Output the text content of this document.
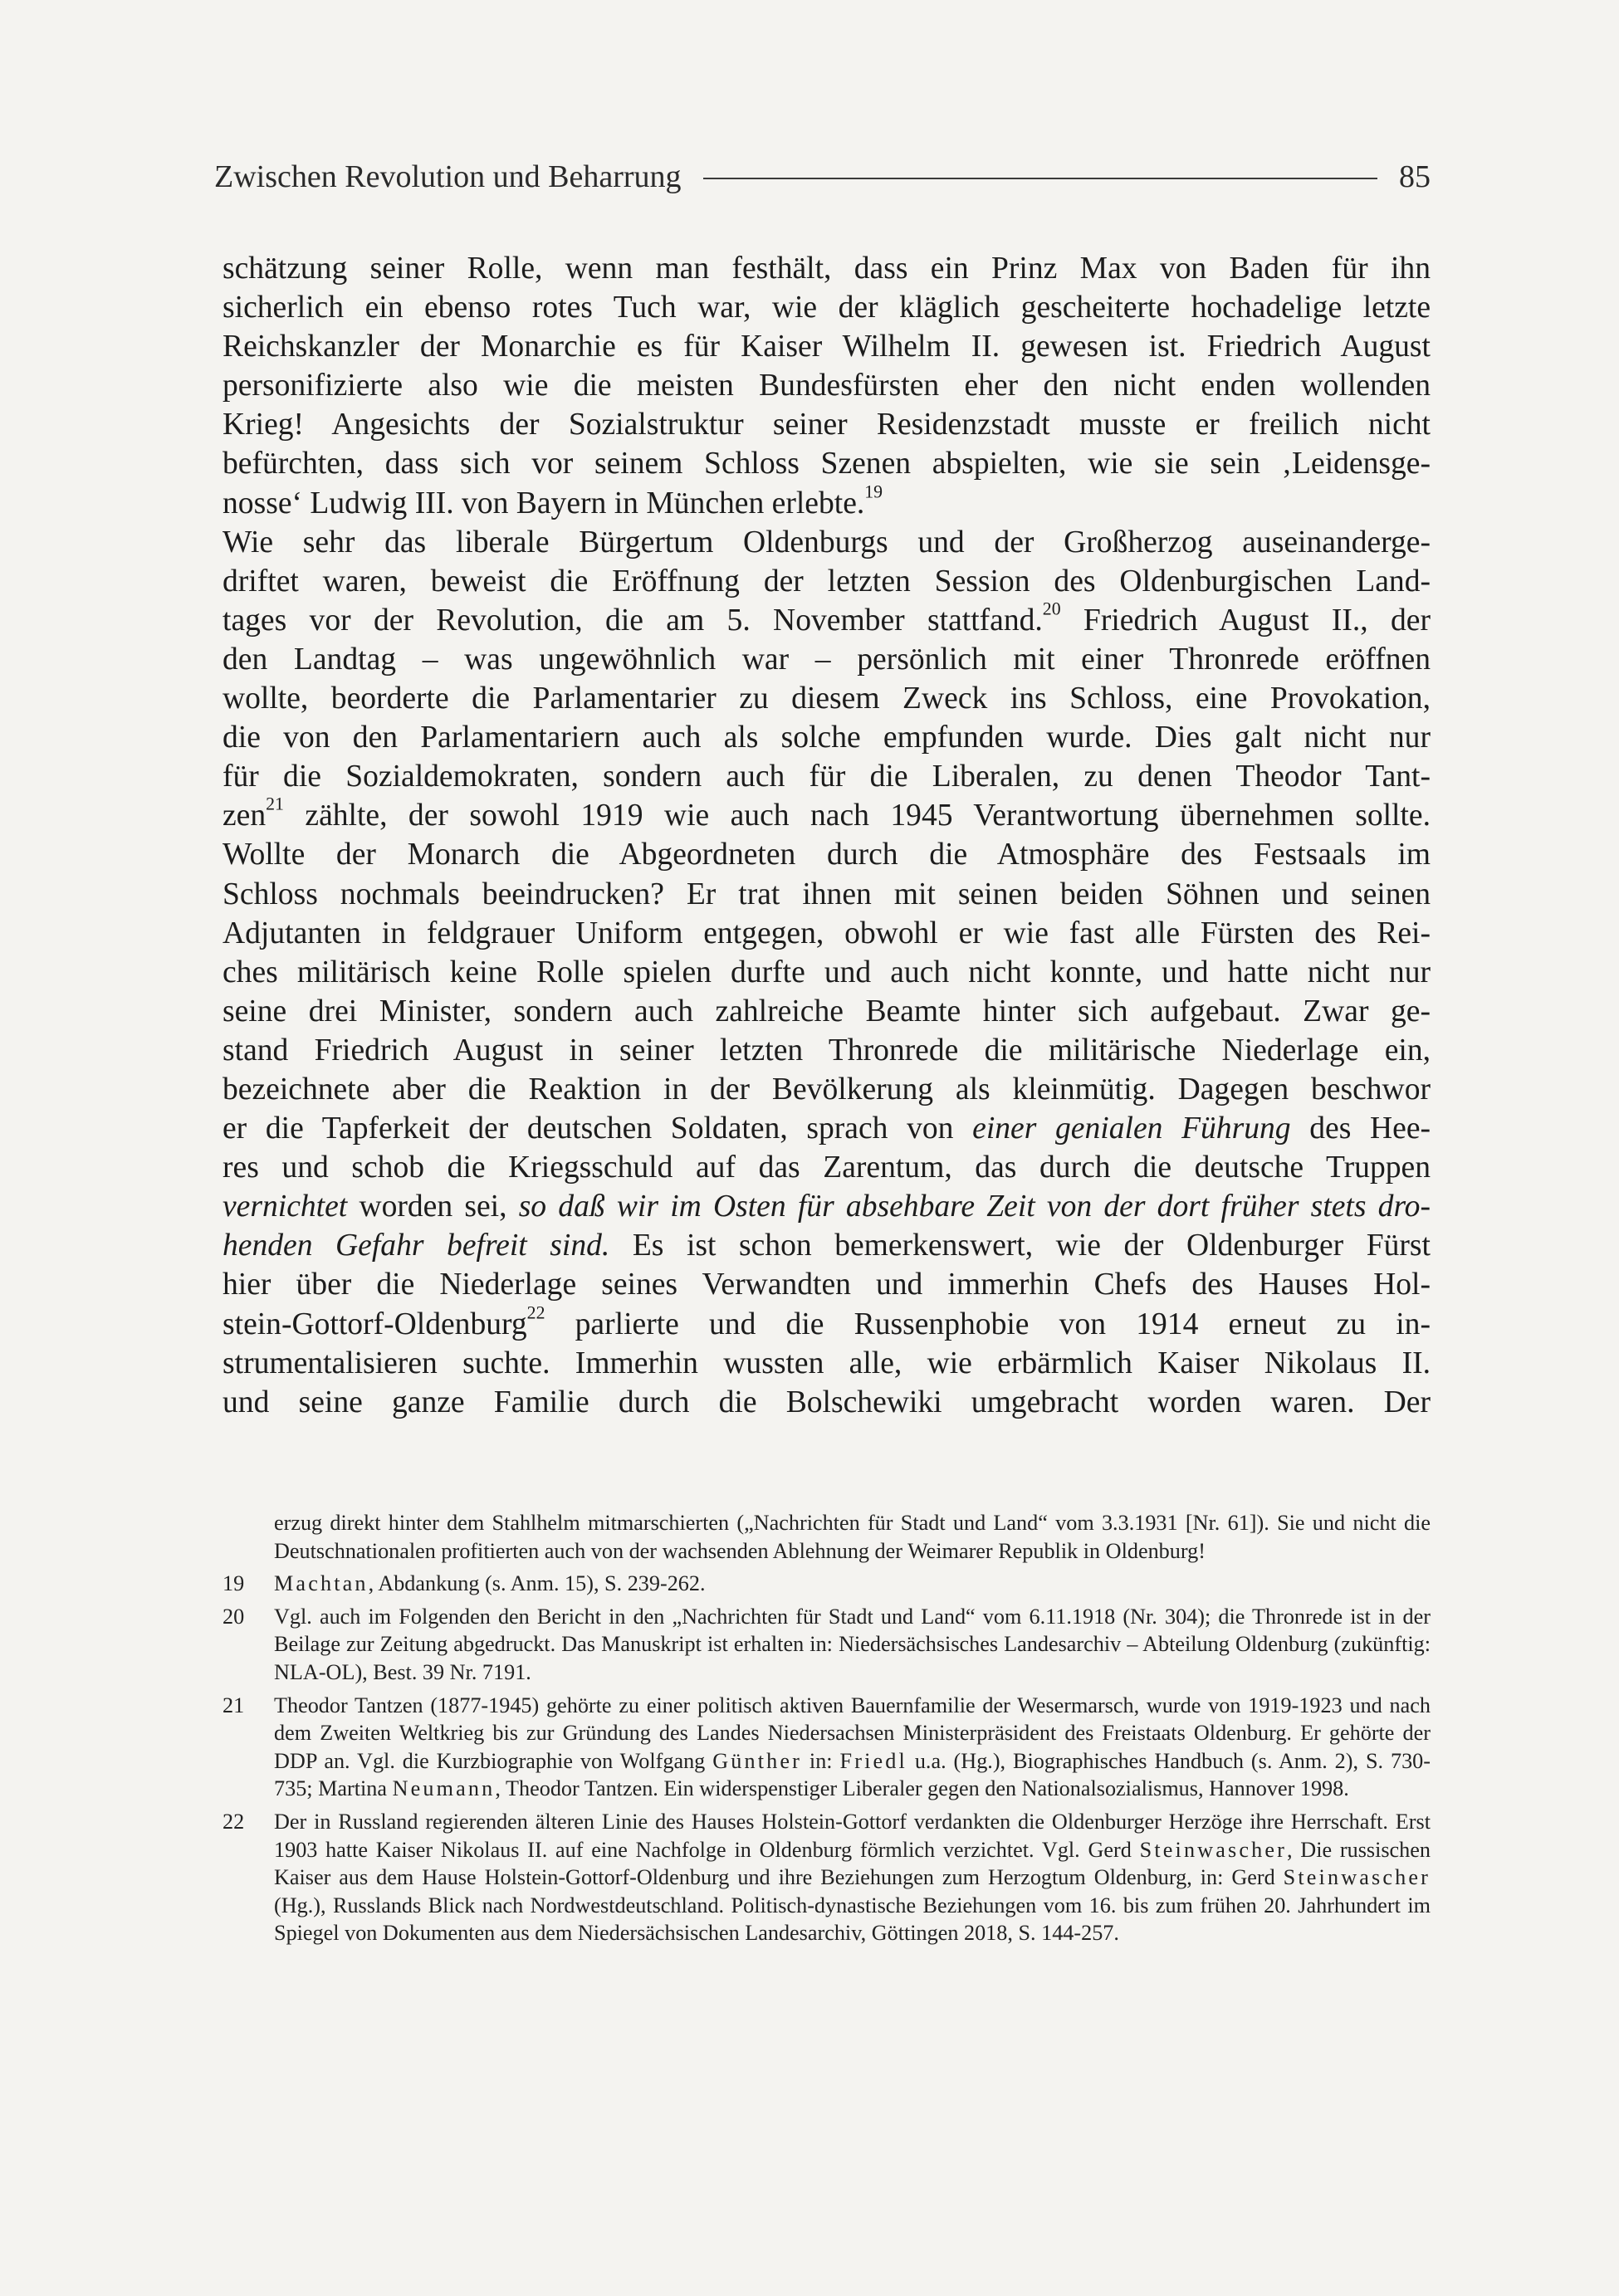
Zwischen Revolution und Beharrung	85

schätzung seiner Rolle, wenn man festhält, dass ein Prinz Max von Baden für ihn
sicherlich ein ebenso rotes Tuch war, wie der kläglich gescheiterte hochadelige letzte
Reichskanzler der Monarchie es für Kaiser Wilhelm II. gewesen ist. Friedrich August
personifizierte also wie die meisten Bundesfürsten eher den nicht enden wollenden
Krieg! Angesichts der Sozialstruktur seiner Residenzstadt musste er freilich nicht
befürchten, dass sich vor seinem Schloss Szenen abspielten, wie sie sein ‚Leidensge-
nosse‘ Ludwig III. von Bayern in München erlebte.$^{19}$

Wie sehr das liberale Bürgertum Oldenburgs und der Großherzog auseinanderge-
driftet waren, beweist die Eröffnung der letzten Session des Oldenburgischen Land-
tages vor der Revolution, die am 5. November stattfand.$^{20}$ Friedrich August II., der
den Landtag – was ungewöhnlich war – persönlich mit einer Thronrede eröffnen
wollte, beorderte die Parlamentarier zu diesem Zweck ins Schloss, eine Provokation,
die von den Parlamentariern auch als solche empfunden wurde. Dies galt nicht nur
für die Sozialdemokraten, sondern auch für die Liberalen, zu denen Theodor Tant-
zen$^{21}$ zählte, der sowohl 1919 wie auch nach 1945 Verantwortung übernehmen sollte.
Wollte der Monarch die Abgeordneten durch die Atmosphäre des Festsaals im
Schloss nochmals beeindrucken? Er trat ihnen mit seinen beiden Söhnen und seinen
Adjutanten in feldgrauer Uniform entgegen, obwohl er wie fast alle Fürsten des Rei-
ches militärisch keine Rolle spielen durfte und auch nicht konnte, und hatte nicht nur
seine drei Minister, sondern auch zahlreiche Beamte hinter sich aufgebaut. Zwar ge-
stand Friedrich August in seiner letzten Thronrede die militärische Niederlage ein,
bezeichnete aber die Reaktion in der Bevölkerung als kleinmütig. Dagegen beschwor
er die Tapferkeit der deutschen Soldaten, sprach von einer genialen Führung des Hee-
res und schob die Kriegsschuld auf das Zarentum, das durch die deutsche Truppen
vernichtet worden sei, so daß wir im Osten für absehbare Zeit von der dort früher stets dro-
henden Gefahr befreit sind. Es ist schon bemerkenswert, wie der Oldenburger Fürst
hier über die Niederlage seines Verwandten und immerhin Chefs des Hauses Hol-
stein-Gottorf-Oldenburg$^{22}$ parlierte und die Russenphobie von 1914 erneut zu in-
strumentalisieren suchte. Immerhin wussten alle, wie erbärmlich Kaiser Nikolaus II.
und seine ganze Familie durch die Bolschewiki umgebracht worden waren. Der

erzug direkt hinter dem Stahlhelm mitmarschierten („Nachrichten für Stadt und Land“ vom 3.3.1931 [Nr. 61]). Sie und nicht die Deutschnationalen profitierten auch von der wachsenden Ablehnung der Weimarer Republik in Oldenburg!

19	Machtan, Abdankung (s. Anm. 15), S. 239-262.
20	Vgl. auch im Folgenden den Bericht in den „Nachrichten für Stadt und Land“ vom 6.11.1918 (Nr. 304); die Thronrede ist in der Beilage zur Zeitung abgedruckt. Das Manuskript ist erhalten in: Niedersächsisches Landesarchiv – Abteilung Oldenburg (zukünftig: NLA-OL), Best. 39 Nr. 7191.
21	Theodor Tantzen (1877-1945) gehörte zu einer politisch aktiven Bauernfamilie der Wesermarsch, wurde von 1919-1923 und nach dem Zweiten Weltkrieg bis zur Gründung des Landes Niedersachsen Ministerpräsident des Freistaats Oldenburg. Er gehörte der DDP an. Vgl. die Kurzbiographie von Wolfgang Günther in: Friedl u.a. (Hg.), Biographisches Handbuch (s. Anm. 2), S. 730-735; Martina Neumann, Theodor Tantzen. Ein widerspenstiger Liberaler gegen den Nationalsozialismus, Hannover 1998.
22	Der in Russland regierenden älteren Linie des Hauses Holstein-Gottorf verdankten die Oldenburger Herzöge ihre Herrschaft. Erst 1903 hatte Kaiser Nikolaus II. auf eine Nachfolge in Oldenburg förmlich verzichtet. Vgl. Gerd Steinwascher, Die russischen Kaiser aus dem Hause Holstein-Gottorf-Oldenburg und ihre Beziehungen zum Herzogtum Oldenburg, in: Gerd Steinwascher (Hg.), Russlands Blick nach Nordwestdeutschland. Politisch-dynastische Beziehungen vom 16. bis zum frühen 20. Jahrhundert im Spiegel von Dokumenten aus dem Niedersächsischen Landesarchiv, Göttingen 2018, S. 144-257.
